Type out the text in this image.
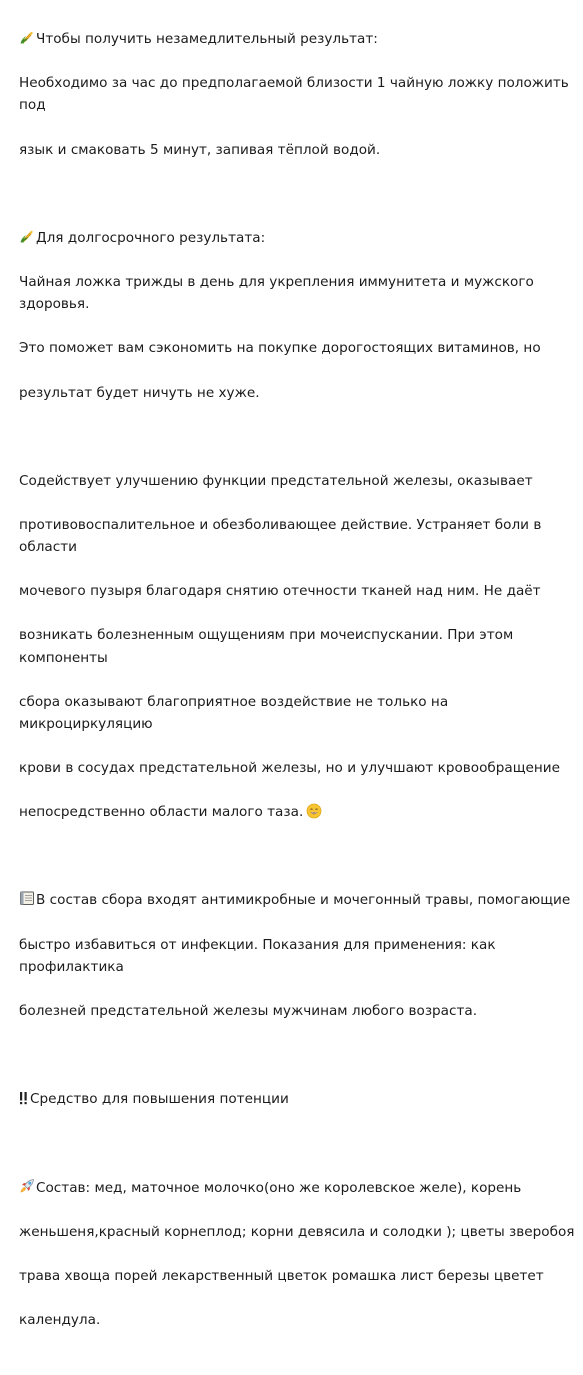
Чтобы получить незамедлительный результат:

Необходимо за час до предполагаемой близости 1 чайную ложку положить под

язык и смаковать 5 минут, запивая тёплой водой.

Для долгосрочного результата:

Чайная ложка трижды в день для укрепления иммунитета и мужского здоровья.

Это поможет вам сэкономить на покупке дорогостоящих витаминов, но

результат будет ничуть не хуже.

Содействует улучшению функции предстательной железы, оказывает

противовоспалительное и обезболивающее действие. Устраняет боли в области

мочевого пузыря благодаря снятию отечности тканей над ним. Не даёт

возникать болезненным ощущениям при мочеиспускании. При этом компоненты

сбора оказывают благоприятное воздействие не только на микроциркуляцию

крови в сосудах предстательной железы, но и улучшают кровообращение

непосредственно области малого таза.

В состав сбора входят антимикробные и мочегонный травы, помогающие

быстро избавиться от инфекции. Показания для применения: как профилактика

болезней предстательной железы мужчинам любого возраста.

Средство для повышения потенции

Состав: мед, маточное молочко(оно же королевское желе), корень

женьшеня,красный корнеплод; корни девясила и солодки ); цветы зверобоя

трава хвоща порей лекарственный цветок ромашка лист березы цветет

календула.
